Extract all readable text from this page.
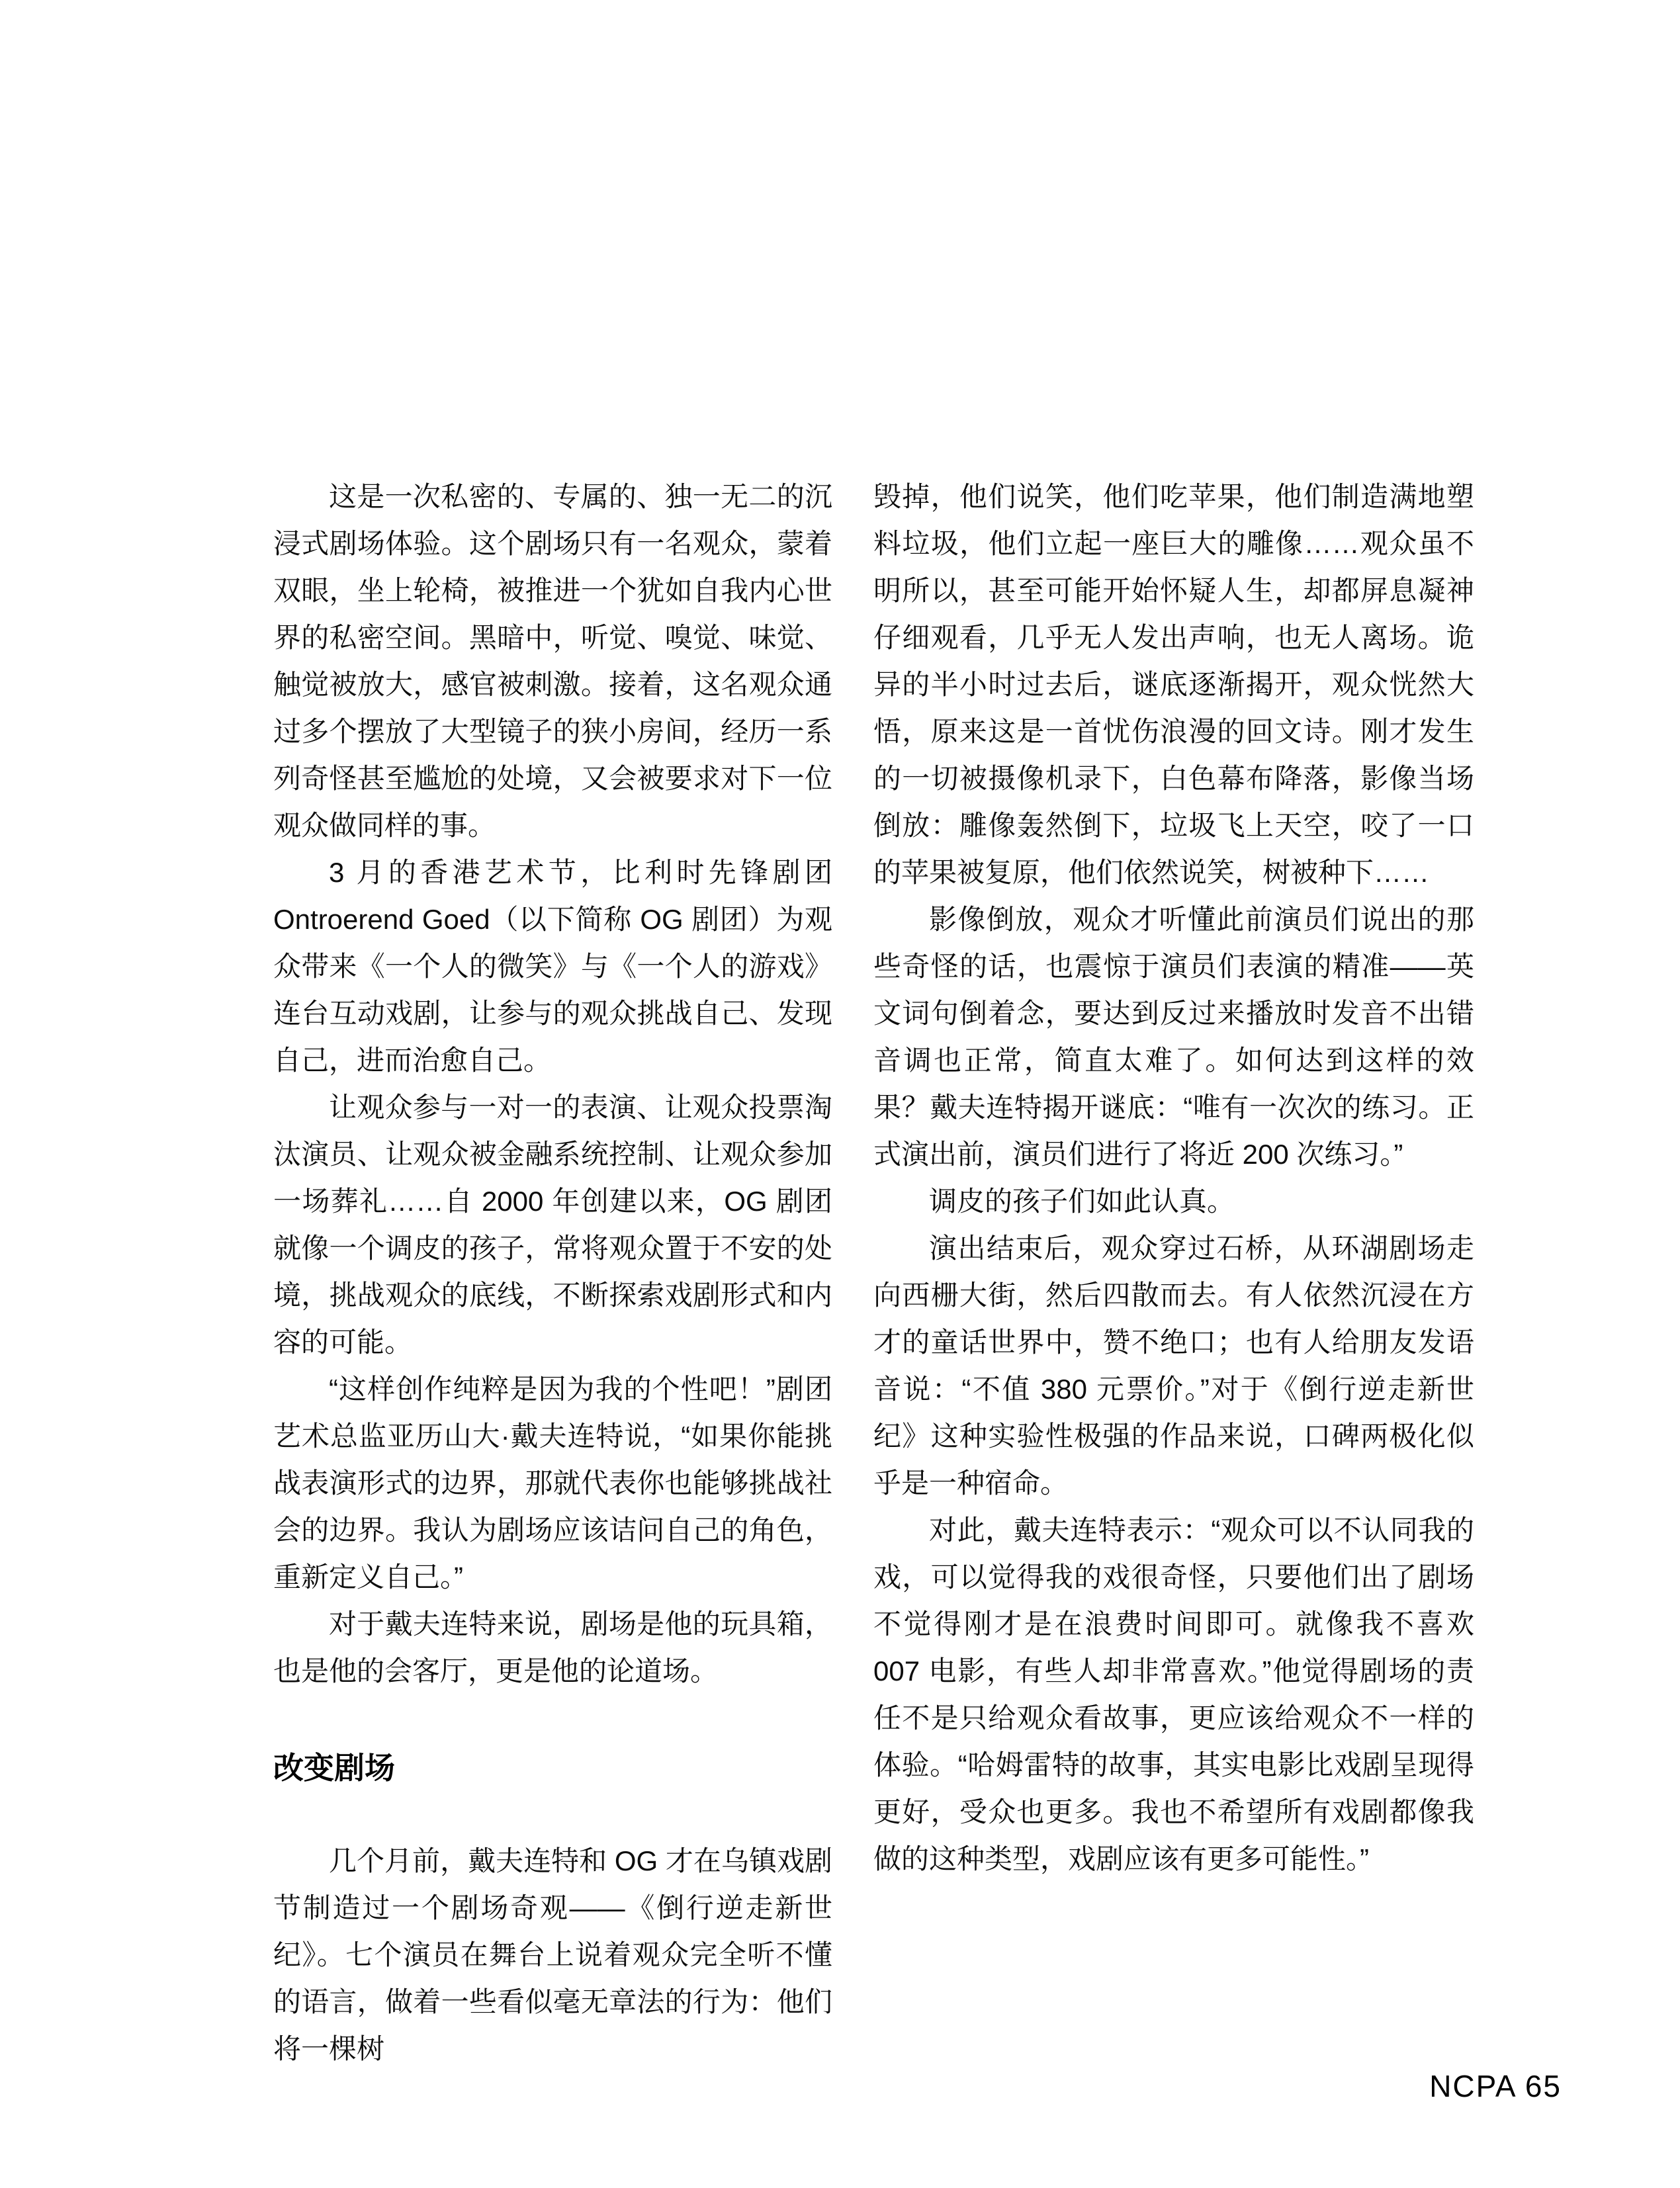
这是一次私密的、专属的、独一无二的沉浸式剧场体验。这个剧场只有一名观众，蒙着双眼，坐上轮椅，被推进一个犹如自我内心世界的私密空间。黑暗中，听觉、嗅觉、味觉、触觉被放大，感官被刺激。接着，这名观众通过多个摆放了大型镜子的狭小房间，经历一系列奇怪甚至尴尬的处境，又会被要求对下一位观众做同样的事。

3 月的香港艺术节，比利时先锋剧团 Ontroerend Goed（以下简称 OG 剧团）为观众带来《一个人的微笑》与《一个人的游戏》连台互动戏剧，让参与的观众挑战自己、发现自己，进而治愈自己。

让观众参与一对一的表演、让观众投票淘汰演员、让观众被金融系统控制、让观众参加一场葬礼……自 2000 年创建以来，OG 剧团就像一个调皮的孩子，常将观众置于不安的处境，挑战观众的底线，不断探索戏剧形式和内容的可能。

“这样创作纯粹是因为我的个性吧！”剧团艺术总监亚历山大·戴夫连特说，“如果你能挑战表演形式的边界，那就代表你也能够挑战社会的边界。我认为剧场应该诘问自己的角色，重新定义自己。”

对于戴夫连特来说，剧场是他的玩具箱，也是他的会客厅，更是他的论道场。

改变剧场

几个月前，戴夫连特和 OG 才在乌镇戏剧节制造过一个剧场奇观——《倒行逆走新世纪》。七个演员在舞台上说着观众完全听不懂的语言，做着一些看似毫无章法的行为：他们将一棵树

毁掉，他们说笑，他们吃苹果，他们制造满地塑料垃圾，他们立起一座巨大的雕像……观众虽不明所以，甚至可能开始怀疑人生，却都屏息凝神仔细观看，几乎无人发出声响，也无人离场。诡异的半小时过去后，谜底逐渐揭开，观众恍然大悟，原来这是一首忧伤浪漫的回文诗。刚才发生的一切被摄像机录下，白色幕布降落，影像当场倒放：雕像轰然倒下，垃圾飞上天空，咬了一口的苹果被复原，他们依然说笑，树被种下……

影像倒放，观众才听懂此前演员们说出的那些奇怪的话，也震惊于演员们表演的精准——英文词句倒着念，要达到反过来播放时发音不出错音调也正常，简直太难了。如何达到这样的效果？戴夫连特揭开谜底：“唯有一次次的练习。正式演出前，演员们进行了将近 200 次练习。”

调皮的孩子们如此认真。

演出结束后，观众穿过石桥，从环湖剧场走向西栅大街，然后四散而去。有人依然沉浸在方才的童话世界中，赞不绝口；也有人给朋友发语音说：“不值 380 元票价。”对于《倒行逆走新世纪》这种实验性极强的作品来说，口碑两极化似乎是一种宿命。

对此，戴夫连特表示：“观众可以不认同我的戏，可以觉得我的戏很奇怪，只要他们出了剧场不觉得刚才是在浪费时间即可。就像我不喜欢 007 电影，有些人却非常喜欢。”他觉得剧场的责任不是只给观众看故事，更应该给观众不一样的体验。“哈姆雷特的故事，其实电影比戏剧呈现得更好，受众也更多。我也不希望所有戏剧都像我做的这种类型，戏剧应该有更多可能性。”

NCPA 65
